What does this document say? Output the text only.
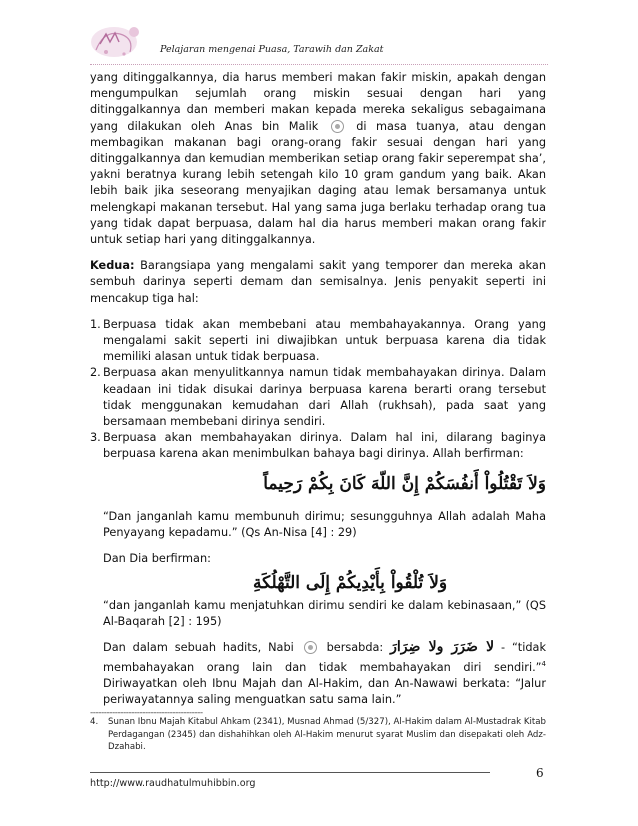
Pelajaran mengenai Puasa, Tarawih dan Zakat

yang ditinggalkannya, dia harus memberi makan fakir miskin, apakah dengan mengumpulkan sejumlah orang miskin sesuai dengan hari yang ditinggalkannya dan memberi makan kepada mereka sekaligus sebagaimana yang dilakukan oleh Anas bin Malik	di masa tuanya, atau dengan membagikan makanan bagi orang-orang fakir sesuai dengan hari yang ditinggalkannya dan kemudian memberikan setiap orang fakir seperempat sha’, yakni beratnya kurang lebih setengah kilo 10 gram gandum yang baik. Akan lebih baik jika seseorang menyajikan daging atau lemak bersamanya untuk melengkapi makanan tersebut. Hal yang sama juga berlaku terhadap orang tua yang tidak dapat berpuasa, dalam hal dia harus memberi makan orang fakir untuk setiap hari yang ditinggalkannya.

Kedua: Barangsiapa yang mengalami sakit yang temporer dan mereka akan sembuh darinya seperti demam dan semisalnya. Jenis penyakit seperti ini mencakup tiga hal:

1. Berpuasa tidak akan membebani atau membahayakannya. Orang yang mengalami sakit seperti ini diwajibkan untuk berpuasa karena dia tidak memiliki alasan untuk tidak berpuasa.
2. Berpuasa akan menyulitkannya namun tidak membahayakan dirinya. Dalam keadaan ini tidak disukai darinya berpuasa karena berarti orang tersebut tidak menggunakan kemudahan dari Allah (rukhsah), pada saat yang bersamaan membebani dirinya sendiri.
3. Berpuasa akan membahayakan dirinya. Dalam hal ini, dilarang baginya berpuasa karena akan menimbulkan bahaya bagi dirinya. Allah berfirman:
وَلاَ تَقْتُلُواْ أَنفُسَكُمْ إِنَّ اللّهَ كَانَ بِكُمْ رَحِيماً

“Dan janganlah kamu membunuh dirimu; sesungguhnya Allah adalah Maha Penyayang kepadamu.” (Qs An-Nisa [4] : 29)

Dan Dia berfirman:

وَلاَ تُلْقُواْ بِأَيْدِيكُمْ إِلَى التَّهْلُكَةِ

“dan janganlah kamu menjatuhkan dirimu sendiri ke dalam kebinasaan,” (QS Al-Baqarah [2] : 195)

Dan dalam sebuah hadits, Nabi	bersabda: لا ضَرَرَ ولا ضِرَارَ - “tidak membahayakan orang lain dan tidak membahayakan diri sendiri.”$^4$ Diriwayatkan oleh Ibnu Majah dan Al-Hakim, dan An-Nawawi berkata: “Jalur periwayatannya saling menguatkan satu sama lain.”

-----------------------------------------
4.	Sunan Ibnu Majah Kitabul Ahkam (2341), Musnad Ahmad (5/327), Al-Hakim dalam Al-Mustadrak Kitab Perdagangan (2345) dan dishahihkan oleh Al-Hakim menurut syarat Muslim dan disepakati oleh Adz-Dzahabi.
6
http://www.raudhatulmuhibbin.org
